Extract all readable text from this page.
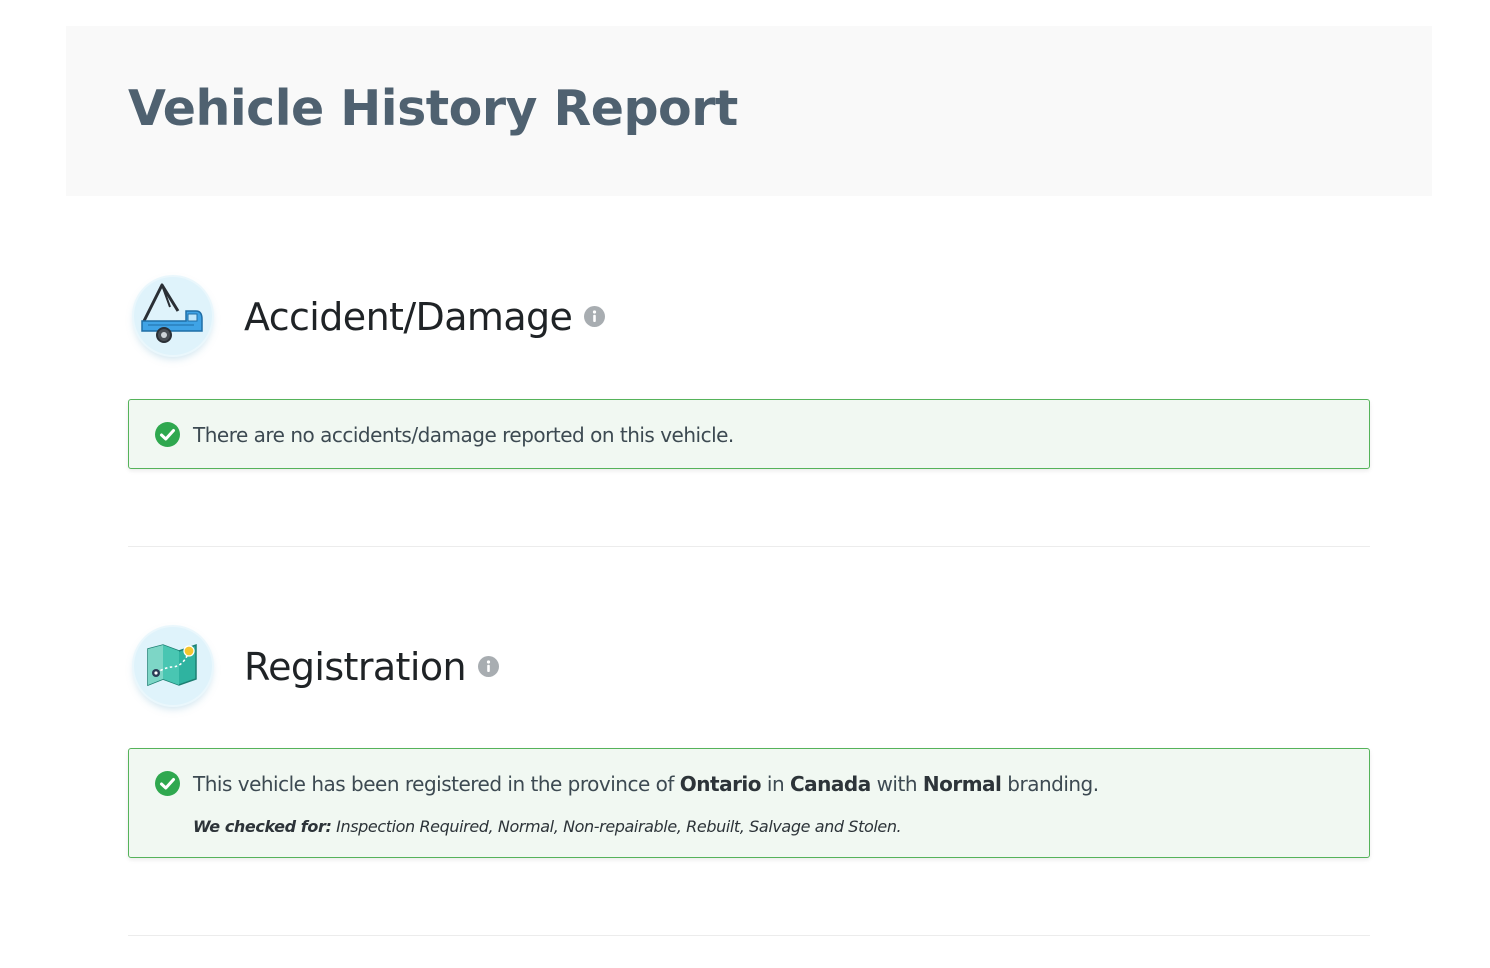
Vehicle History Report
Accident/Damage
There are no accidents/damage reported on this vehicle.
Registration
This vehicle has been registered in the province of Ontario in Canada with Normal branding.
We checked for: Inspection Required, Normal, Non-repairable, Rebuilt, Salvage and Stolen.
